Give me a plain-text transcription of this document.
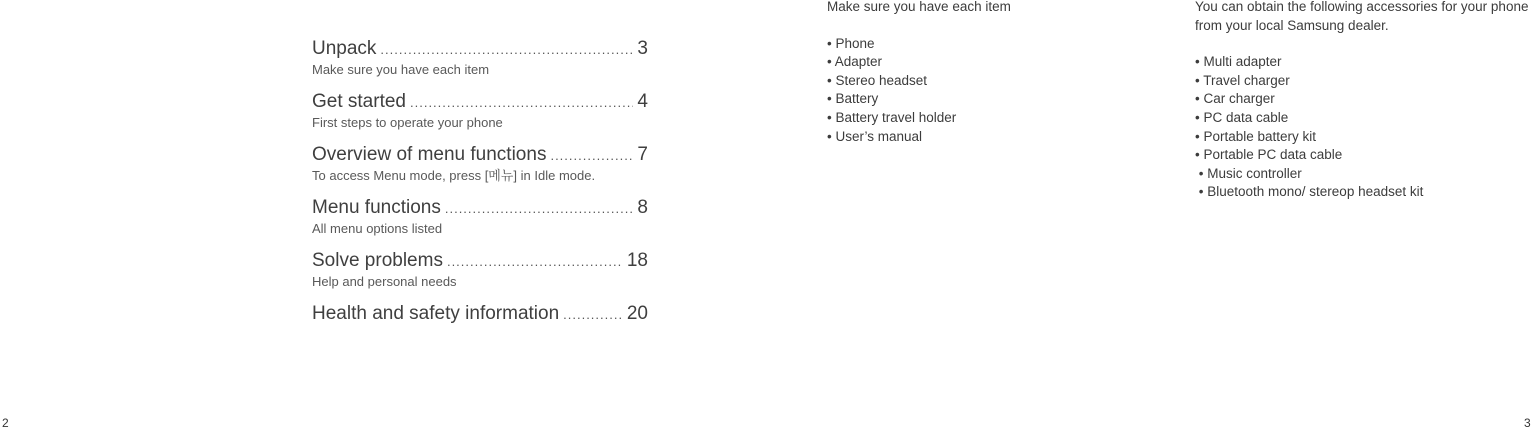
Unpack .....	3
Make sure you have each item
Get started .....	4
First steps to operate your phone
Overview of menu functions .....	7
To access Menu mode, press [메뉴] in Idle mode.
Menu functions .....	8
All menu options listed
Solve problems .....	18
Help and personal needs
Health and safety information .....	20
Make sure you have each item
• Phone
• Adapter
• Stereo headset
• Battery
• Battery travel holder
• User’s manual
You can obtain the following accessories for your phone from your local Samsung dealer.
• Multi adapter
• Travel charger
• Car charger
• PC data cable
• Portable battery kit
• Portable PC data cable
• Music controller
• Bluetooth mono/ stereop headset kit
2	3
